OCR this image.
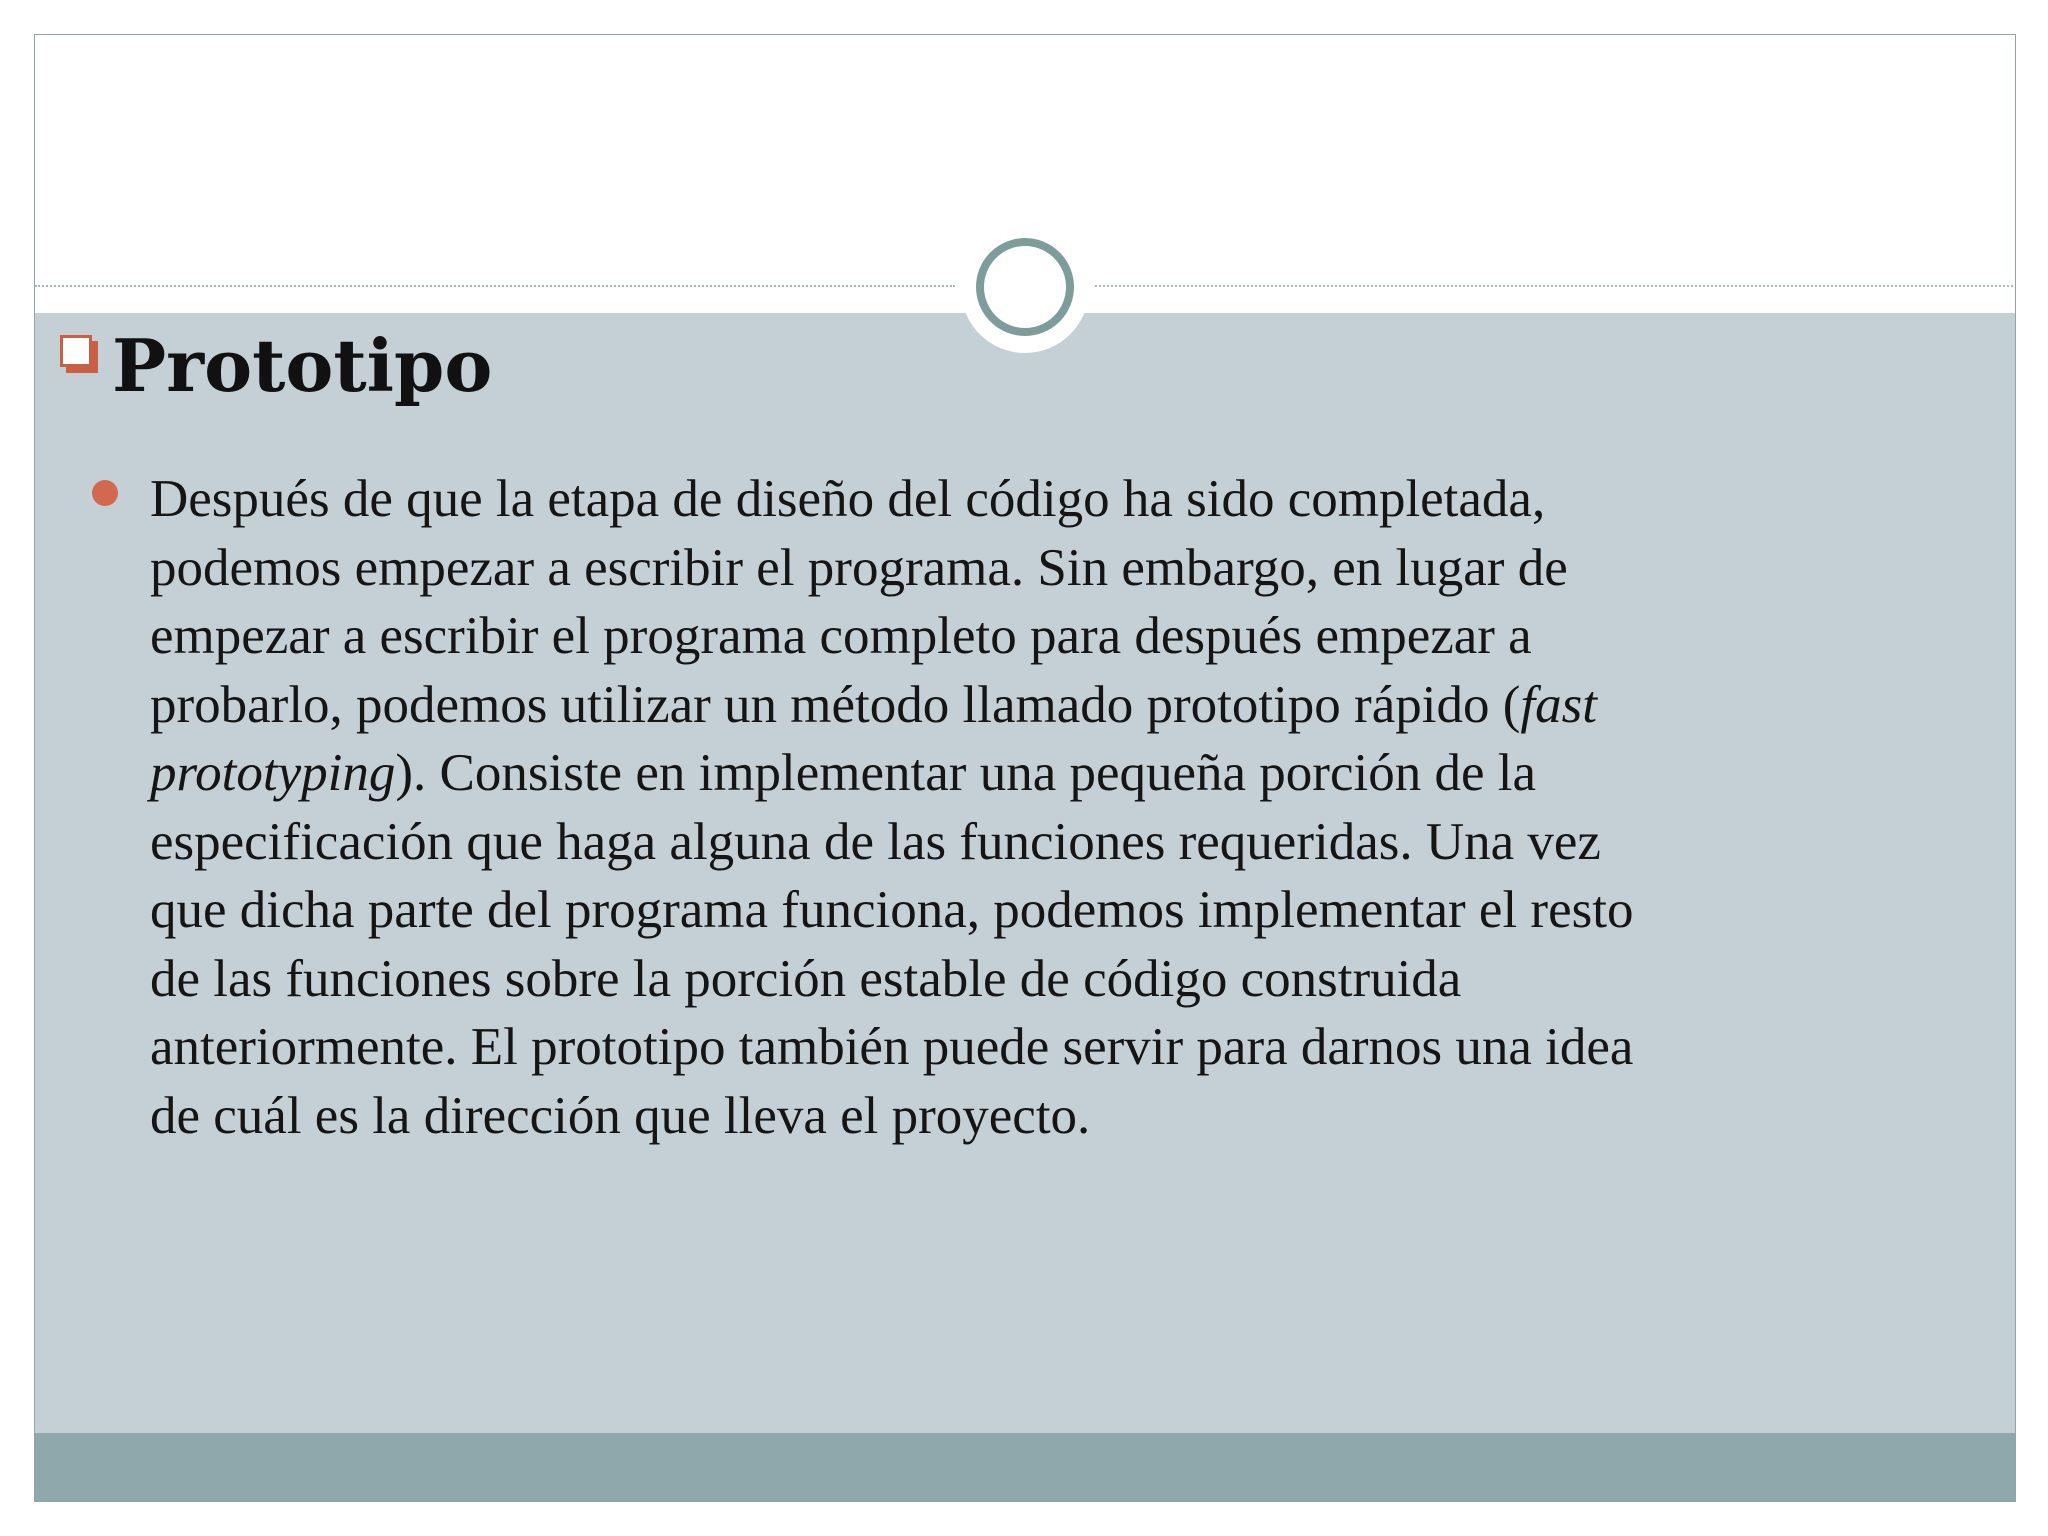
Prototipo

Después de que la etapa de diseño del código ha sido completada,
podemos empezar a escribir el programa. Sin embargo, en lugar de
empezar a escribir el programa completo para después empezar a
probarlo, podemos utilizar un método llamado prototipo rápido (fast
prototyping). Consiste en implementar una pequeña porción de la
especificación que haga alguna de las funciones requeridas. Una vez
que dicha parte del programa funciona, podemos implementar el resto
de las funciones sobre la porción estable de código construida
anteriormente. El prototipo también puede servir para darnos una idea
de cuál es la dirección que lleva el proyecto.
